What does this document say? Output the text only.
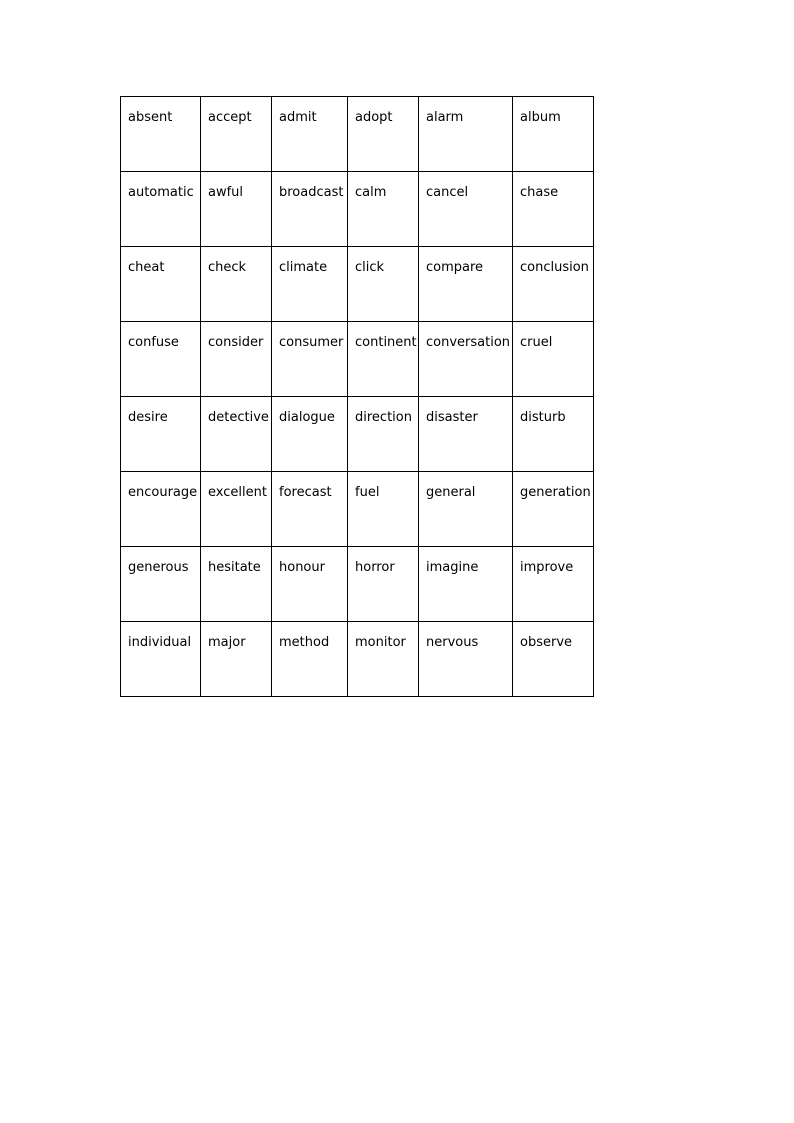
absent	accept	admit	adopt	alarm	album
automatic	awful	broadcast	calm	cancel	chase
cheat	check	climate	click	compare	conclusion
confuse	consider	consumer	continent	conversation	cruel
desire	detective	dialogue	direction	disaster	disturb
encourage	excellent	forecast	fuel	general	generation
generous	hesitate	honour	horror	imagine	improve
individual	major	method	monitor	nervous	observe
